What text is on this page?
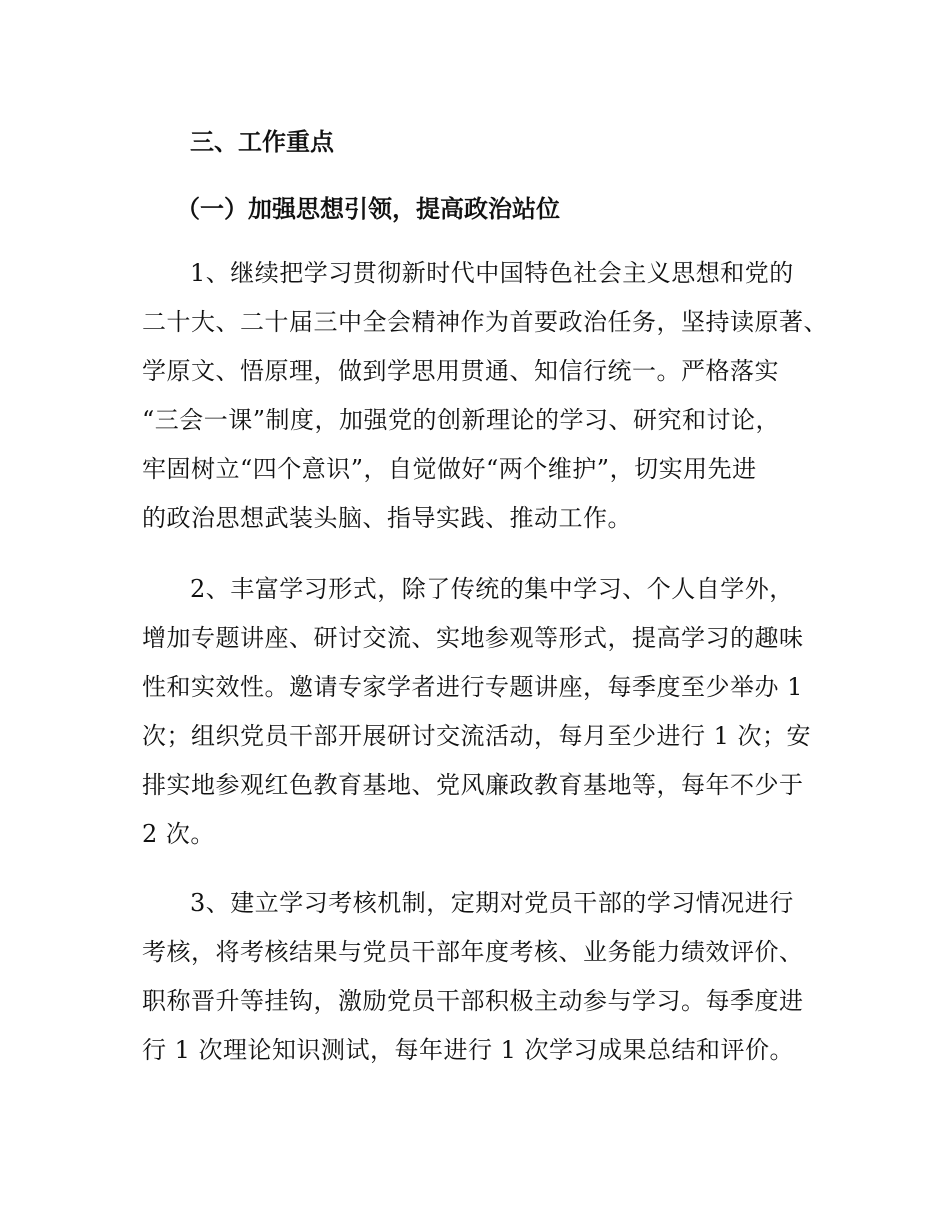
三、工作重点
（一）加强思想引领，提高政治站位
1、继续把学习贯彻新时代中国特色社会主义思想和党的
二十大、二十届三中全会精神作为首要政治任务，坚持读原著、
学原文、悟原理，做到学思用贯通、知信行统一。严格落实
“三会一课”制度，加强党的创新理论的学习、研究和讨论，
牢固树立“四个意识”，自觉做好“两个维护”，切实用先进
的政治思想武装头脑、指导实践、推动工作。
2、丰富学习形式，除了传统的集中学习、个人自学外，
增加专题讲座、研讨交流、实地参观等形式，提高学习的趣味
性和实效性。邀请专家学者进行专题讲座，每季度至少举办 1
次；组织党员干部开展研讨交流活动，每月至少进行 1 次；安
排实地参观红色教育基地、党风廉政教育基地等，每年不少于
2 次。
3、建立学习考核机制，定期对党员干部的学习情况进行
考核，将考核结果与党员干部年度考核、业务能力绩效评价、
职称晋升等挂钩，激励党员干部积极主动参与学习。每季度进
行 1 次理论知识测试，每年进行 1 次学习成果总结和评价。
